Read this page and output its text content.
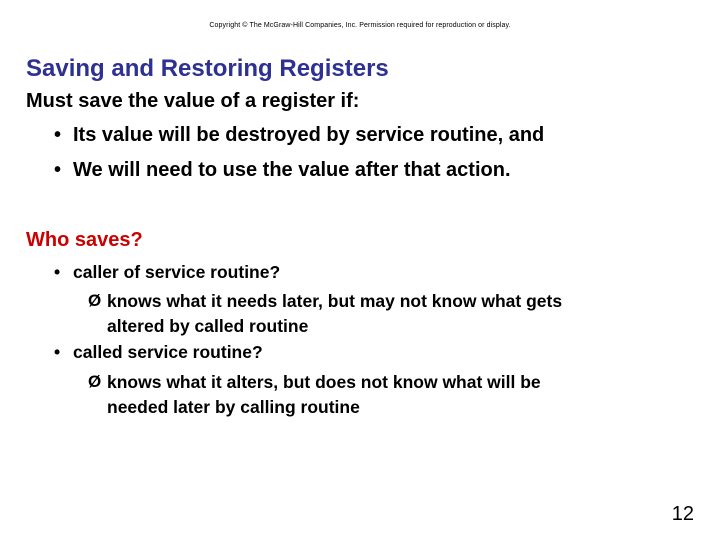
Copyright © The McGraw-Hill Companies, Inc. Permission required for reproduction or display.
Saving and Restoring Registers
Must save the value of a register if:
• Its value will be destroyed by service routine, and
• We will need to use the value after that action.
Who saves?
• caller of service routine?
Ø knows what it needs later, but may not know what gets
altered by called routine
• called service routine?
Ø knows what it alters, but does not know what will be
needed later by calling routine
12
